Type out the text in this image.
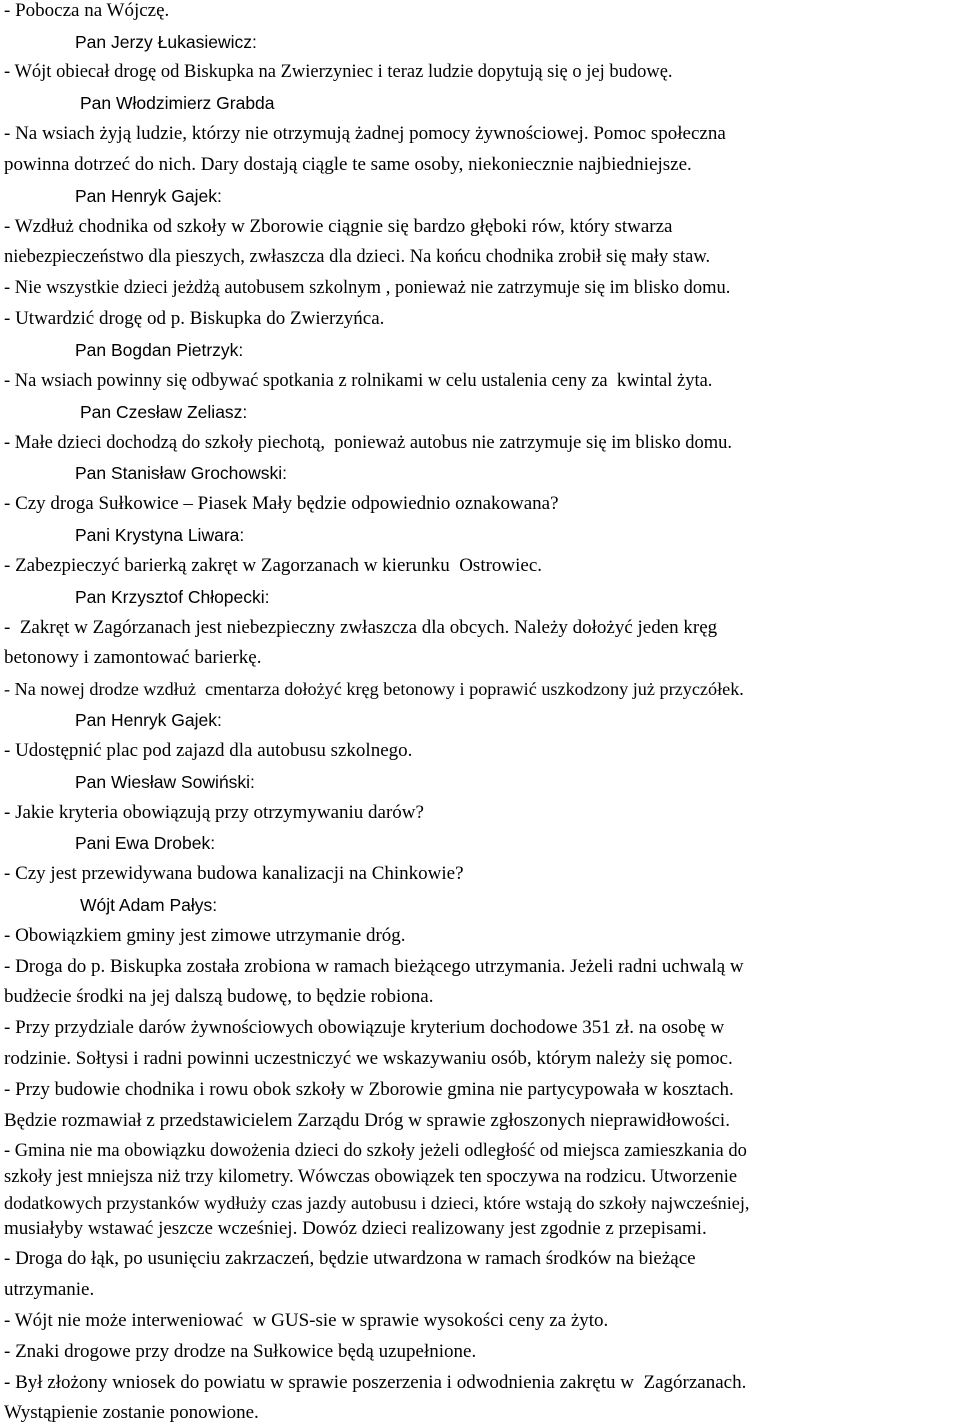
- Pobocza na Wójczę.
Pan Jerzy Łukasiewicz:
- Wójt obiecał drogę od Biskupka na Zwierzyniec i teraz ludzie dopytują się o jej budowę.
Pan Włodzimierz Grabda
- Na wsiach żyją ludzie, którzy nie otrzymują żadnej pomocy żywnościowej. Pomoc społeczna
powinna dotrzeć do nich. Dary dostają ciągle te same osoby, niekoniecznie najbiedniejsze.
Pan Henryk Gajek:
- Wzdłuż chodnika od szkoły w Zborowie ciągnie się bardzo głęboki rów, który stwarza
niebezpieczeństwo dla pieszych, zwłaszcza dla dzieci. Na końcu chodnika zrobił się mały staw.
- Nie wszystkie dzieci jeżdżą autobusem szkolnym , ponieważ nie zatrzymuje się im blisko domu.
- Utwardzić drogę od p. Biskupka do Zwierzyńca.
Pan Bogdan Pietrzyk:
- Na wsiach powinny się odbywać spotkania z rolnikami w celu ustalenia ceny za  kwintal żyta.
Pan Czesław Zeliasz:
- Małe dzieci dochodzą do szkoły piechotą,  ponieważ autobus nie zatrzymuje się im blisko domu.
Pan Stanisław Grochowski:
- Czy droga Sułkowice – Piasek Mały będzie odpowiednio oznakowana?
Pani Krystyna Liwara:
- Zabezpieczyć barierką zakręt w Zagorzanach w kierunku  Ostrowiec.
Pan Krzysztof Chłopecki:
-  Zakręt w Zagórzanach jest niebezpieczny zwłaszcza dla obcych. Należy dołożyć jeden kręg
betonowy i zamontować barierkę.
- Na nowej drodze wzdłuż  cmentarza dołożyć kręg betonowy i poprawić uszkodzony już przyczółek.
Pan Henryk Gajek:
- Udostępnić plac pod zajazd dla autobusu szkolnego.
Pan Wiesław Sowiński:
- Jakie kryteria obowiązują przy otrzymywaniu darów?
Pani Ewa Drobek:
- Czy jest przewidywana budowa kanalizacji na Chinkowie?
Wójt Adam Pałys:
- Obowiązkiem gminy jest zimowe utrzymanie dróg.
- Droga do p. Biskupka została zrobiona w ramach bieżącego utrzymania. Jeżeli radni uchwalą w
budżecie środki na jej dalszą budowę, to będzie robiona.
- Przy przydziale darów żywnościowych obowiązuje kryterium dochodowe 351 zł. na osobę w
rodzinie. Sołtysi i radni powinni uczestniczyć we wskazywaniu osób, którym należy się pomoc.
- Przy budowie chodnika i rowu obok szkoły w Zborowie gmina nie partycypowała w kosztach.
Będzie rozmawiał z przedstawicielem Zarządu Dróg w sprawie zgłoszonych nieprawidłowości.
- Gmina nie ma obowiązku dowożenia dzieci do szkoły jeżeli odległość od miejsca zamieszkania do
szkoły jest mniejsza niż trzy kilometry. Wówczas obowiązek ten spoczywa na rodzicu. Utworzenie
dodatkowych przystanków wydłuży czas jazdy autobusu i dzieci, które wstają do szkoły najwcześniej,
musiałyby wstawać jeszcze wcześniej. Dowóz dzieci realizowany jest zgodnie z przepisami.
- Droga do łąk, po usunięciu zakrzaczeń, będzie utwardzona w ramach środków na bieżące
utrzymanie.
- Wójt nie może interweniować  w GUS-sie w sprawie wysokości ceny za żyto.
- Znaki drogowe przy drodze na Sułkowice będą uzupełnione.
- Był złożony wniosek do powiatu w sprawie poszerzenia i odwodnienia zakrętu w  Zagórzanach.
Wystąpienie zostanie ponowione.
